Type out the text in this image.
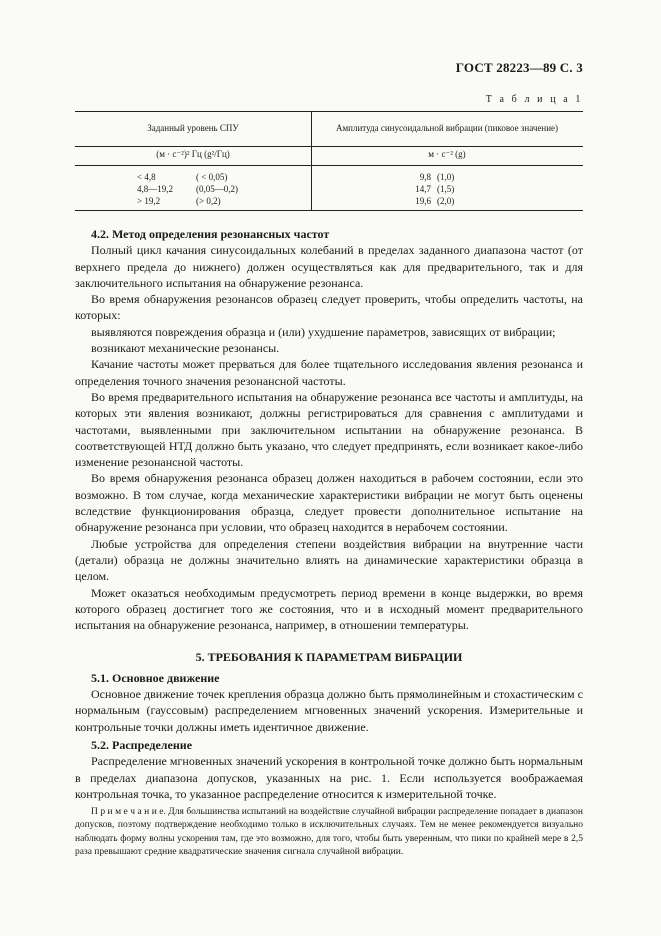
ГОСТ 28223—89 С. 3
Т а б л и ц а 1
Заданный уровень СПУ	Амплитуда синусоидальной вибрации (пиковое значение)
(м · с⁻²)² Гц (g²/Гц)	м · с⁻² (g)
< 4,8	( < 0,05)	9,8 (1,0)
4,8—19,2	(0,05—0,2)	14,7 (1,5)
> 19,2	(> 0,2)	19,6 (2,0)

4.2. Метод определения резонансных частот

Полный цикл качания синусоидальных колебаний в пределах заданного диапазона частот (от верхнего предела до нижнего) должен осуществляться как для предварительного, так и для заключительного испытания на обнаружение резонанса.

Во время обнаружения резонансов образец следует проверить, чтобы определить частоты, на которых:

выявляются повреждения образца и (или) ухудшение параметров, зависящих от вибрации;

возникают механические резонансы.

Качание частоты может прерваться для более тщательного исследования явления резонанса и определения точного значения резонансной частоты.

Во время предварительного испытания на обнаружение резонанса все частоты и амплитуды, на которых эти явления возникают, должны регистрироваться для сравнения с амплитудами и частотами, выявленными при заключительном испытании на обнаружение резонанса. В соответствующей НТД должно быть указано, что следует предпринять, если возникает какое-либо изменение резонансной частоты.

Во время обнаружения резонанса образец должен находиться в рабочем состоянии, если это возможно. В том случае, когда механические характеристики вибрации не могут быть оценены вследствие функционирования образца, следует провести дополнительное испытание на обнаружение резонанса при условии, что образец находится в нерабочем состоянии.

Любые устройства для определения степени воздействия вибрации на внутренние части (детали) образца не должны значительно влиять на динамические характеристики образца в целом.

Может оказаться необходимым предусмотреть период времени в конце выдержки, во время которого образец достигнет того же состояния, что и в исходный момент предварительного испытания на обнаружение резонанса, например, в отношении температуры.

5. ТРЕБОВАНИЯ К ПАРАМЕТРАМ ВИБРАЦИИ

5.1. Основное движение

Основное движение точек крепления образца должно быть прямолинейным и стохастическим с нормальным (гауссовым) распределением мгновенных значений ускорения. Измерительные и контрольные точки должны иметь идентичное движение.

5.2. Распределение

Распределение мгновенных значений ускорения в контрольной точке должно быть нормальным в пределах диапазона допусков, указанных на рис. 1. Если используется воображаемая контрольная точка, то указанное распределение относится к измерительной точке.

П р и м е ч а н и е. Для большинства испытаний на воздействие случайной вибрации распределение попадает в диапазон допусков, поэтому подтверждение необходимо только в исключительных случаях. Тем не менее рекомендуется визуально наблюдать форму волны ускорения там, где это возможно, для того, чтобы быть уверенным, что пики по крайней мере в 2,5 раза превышают средние квадратические значения сигнала случайной вибрации.
